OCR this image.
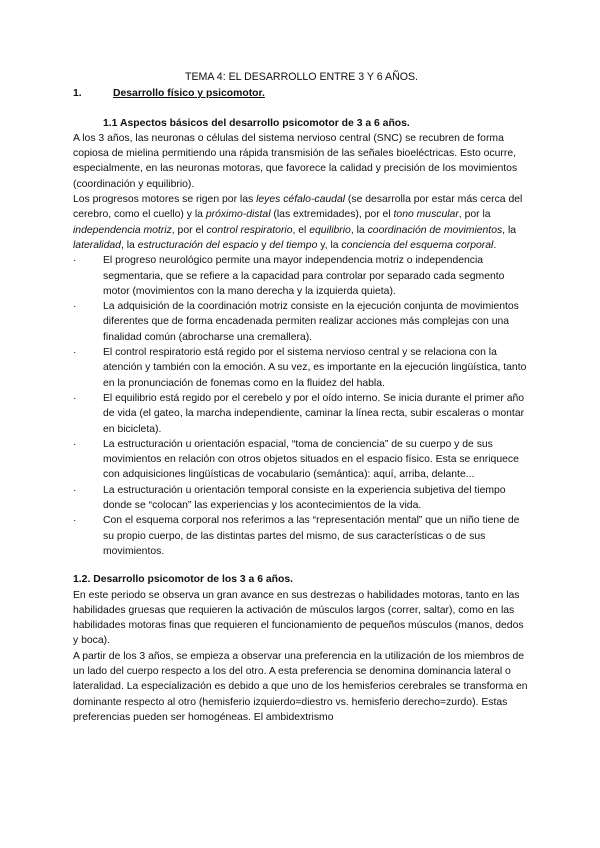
TEMA 4: EL DESARROLLO ENTRE 3 Y 6 AÑOS.

1.	Desarrollo físico y psicomotor.
1.1 Aspectos básicos del desarrollo psicomotor de 3 a 6 años.

A los 3 años, las neuronas o células del sistema nervioso central (SNC) se recubren de forma copiosa de mielina permitiendo una rápida transmisión de las señales bioeléctricas. Esto ocurre, especialmente, en las neuronas motoras, que favorece la calidad y precisión de los movimientos (coordinación y equilibrio).

Los progresos motores se rigen por las leyes céfalo-caudal (se desarrolla por estar más cerca del cerebro, como el cuello) y la próximo-distal (las extremidades), por el tono muscular, por la independencia motriz, por el control respiratorio, el equilibrio, la coordinación de movimientos, la lateralidad, la estructuración del espacio y del tiempo y, la conciencia del esquema corporal.

·	El progreso neurológico permite una mayor independencia motriz o independencia segmentaria, que se refiere a la capacidad para controlar por separado cada segmento motor (movimientos con la mano derecha y la izquierda quieta).
·	La adquisición de la coordinación motriz consiste en la ejecución conjunta de movimientos diferentes que de forma encadenada permiten realizar acciones más complejas con una finalidad común (abrocharse una cremallera).
·	El control respiratorio está regido por el sistema nervioso central y se relaciona con la atención y también con la emoción. A su vez, es importante en la ejecución lingüística, tanto en la pronunciación de fonemas como en la fluidez del habla.
·	El equilibrio está regido por el cerebelo y por el oído interno. Se inicia durante el primer año de vida (el gateo, la marcha independiente, caminar la línea recta, subir escaleras o montar en bicicleta).
·	La estructuración u orientación espacial, “toma de conciencia” de su cuerpo y de sus movimientos en relación con otros objetos situados en el espacio físico. Esta se enriquece con adquisiciones lingüísticas de vocabulario (semántica): aquí, arriba, delante...
·	La estructuración u orientación temporal consiste en la experiencia subjetiva del tiempo donde se “colocan” las experiencias y los acontecimientos de la vida.
·	Con el esquema corporal nos referimos a las “representación mental” que un niño tiene de su propio cuerpo, de las distintas partes del mismo, de sus características o de sus movimientos.
1.2. Desarrollo psicomotor de los 3 a 6 años.

En este periodo se observa un gran avance en sus destrezas o habilidades motoras, tanto en las habilidades gruesas que requieren la activación de músculos largos (correr, saltar), como en las habilidades motoras finas que requieren el funcionamiento de pequeños músculos (manos, dedos y boca).

A partir de los 3 años, se empieza a observar una preferencia en la utilización de los miembros de un lado del cuerpo respecto a los del otro. A esta preferencia se denomina dominancia lateral o lateralidad. La especialización es debido a que uno de los hemisferios cerebrales se transforma en dominante respecto al otro (hemisferio izquierdo=diestro vs. hemisferio derecho=zurdo). Estas preferencias pueden ser homogéneas. El ambidextrismo
